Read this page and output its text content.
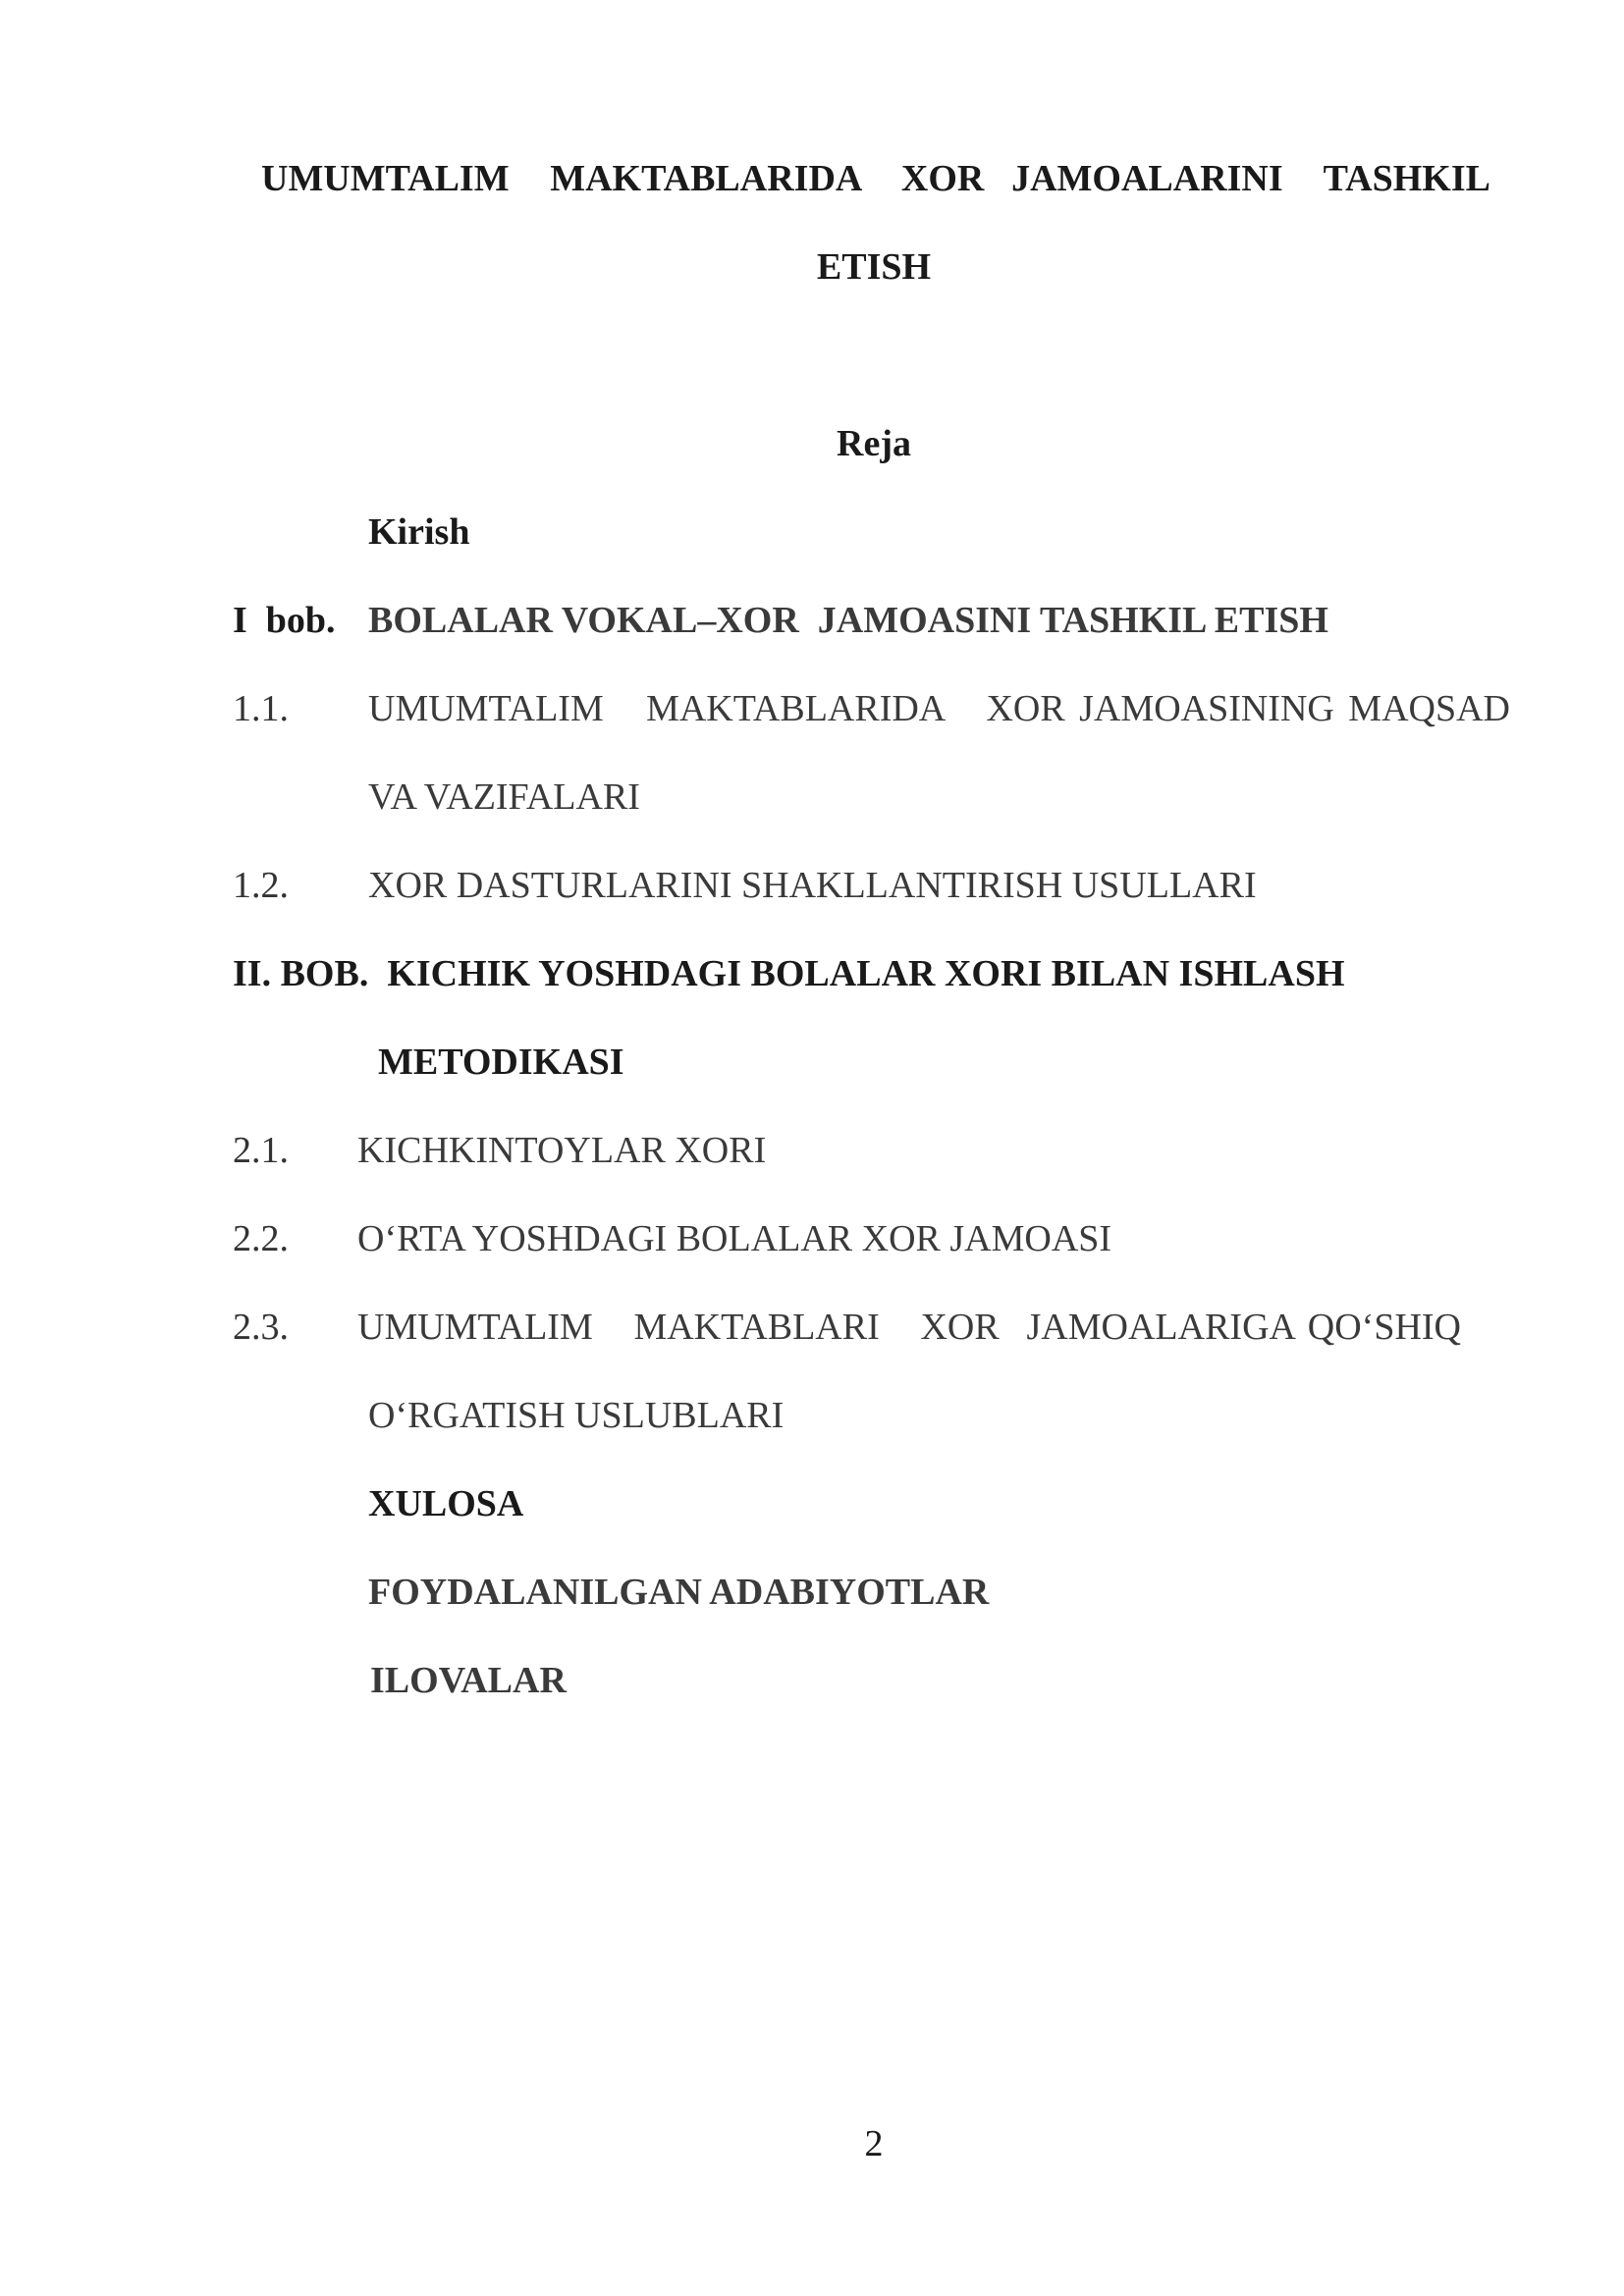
UMUMTALIM   MAKTABLARIDA   XOR  JAMOALARINI   TASHKIL
ETISH
Reja
Kirish
I  bob. BOLALAR VOKAL–XOR  JAMOASINI TASHKIL ETISH
1.1. UMUMTALIM   MAKTABLARIDA   XOR JAMOASINING MAQSAD
VA VAZIFALARI
1.2. XOR DASTURLARINI SHAKLLANTIRISH USULLARI
II. BOB.  KICHIK YOSHDAGI BOLALAR XORI BILAN ISHLASH
METODIKASI
2.1. KICHKINTOYLAR XORI
2.2. O‘RTA YOSHDAGI BOLALAR XOR JAMOASI
2.3. UMUMTALIM   MAKTABLARI   XOR  JAMOALARIGA QO‘SHIQ
O‘RGATISH USLUBLARI
XULOSA
FOYDALANILGAN ADABIYOTLAR
ILOVALAR
2
